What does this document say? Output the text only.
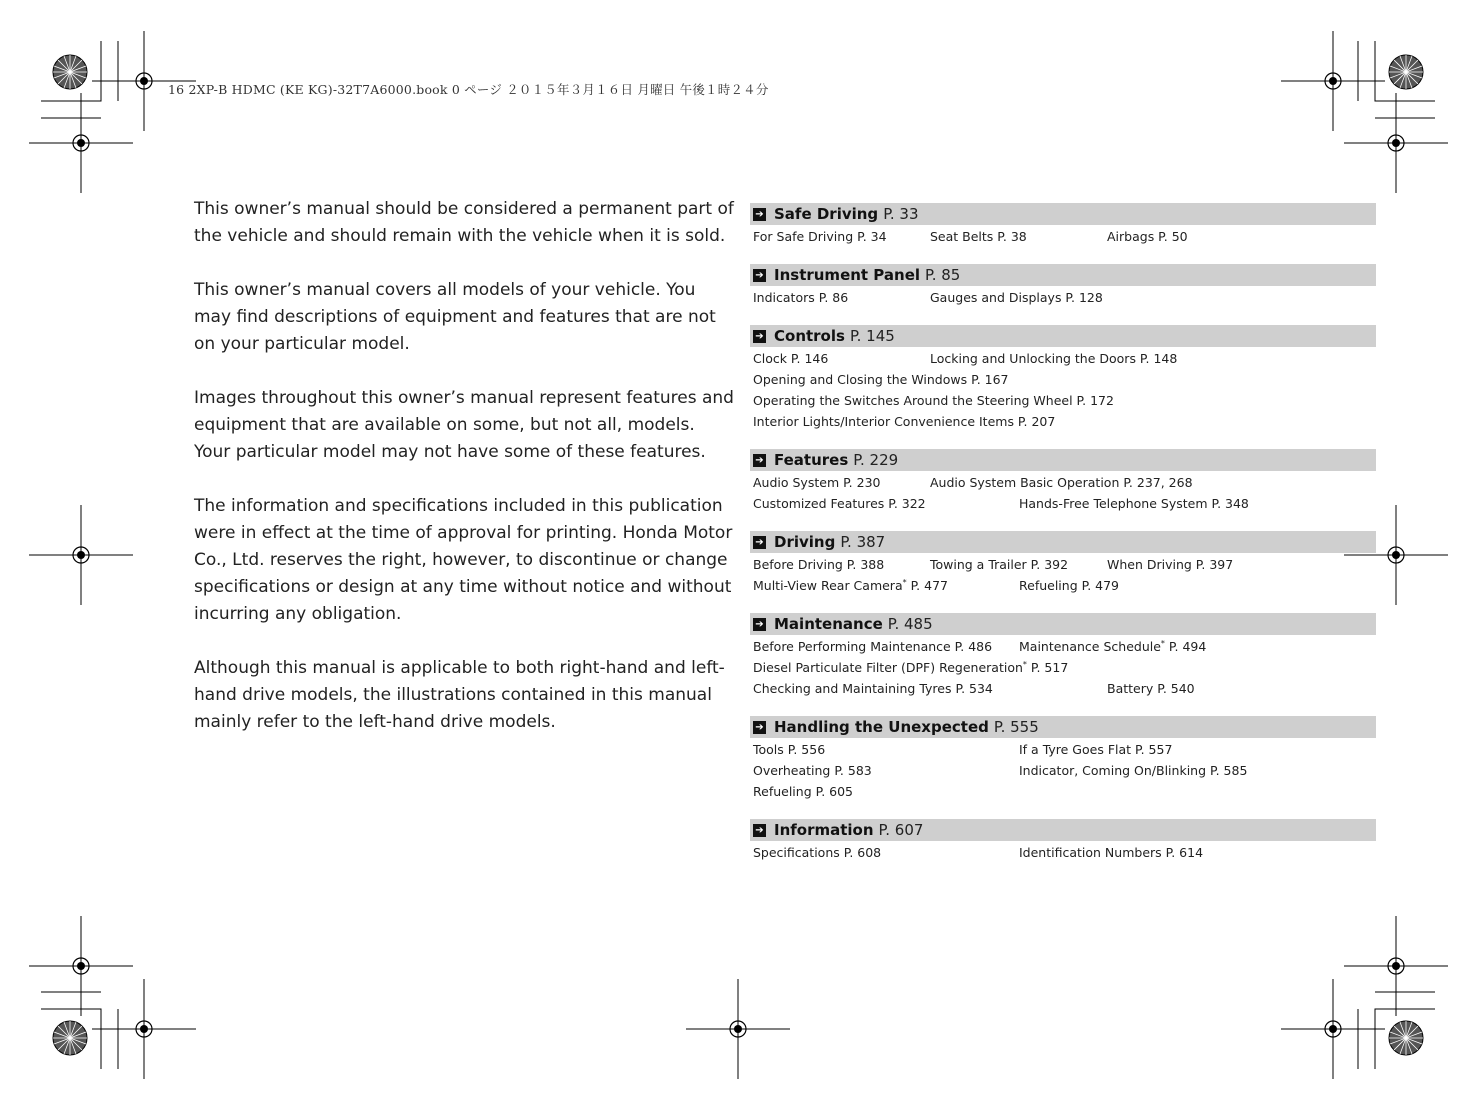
16 2XP-B HDMC (KE KG)-32T7A6000.book 0 ページ ２０１５年３月１６日 月曜日 午後１時２４分

This owner’s manual should be considered a permanent part of the vehicle and should remain with the vehicle when it is sold.

This owner’s manual covers all models of your vehicle. You may find descriptions of equipment and features that are not on your particular model.

Images throughout this owner’s manual represent features and equipment that are available on some, but not all, models. Your particular model may not have some of these features.

The information and specifications included in this publication were in effect at the time of approval for printing. Honda Motor Co., Ltd. reserves the right, however, to discontinue or change specifications or design at any time without notice and without incurring any obligation.

Although this manual is applicable to both right-hand and left-hand drive models, the illustrations contained in this manual mainly refer to the left-hand drive models.

➔ Safe Driving P. 33
For Safe Driving P. 34	Seat Belts P. 38	Airbags P. 50
➔ Instrument Panel P. 85
Indicators P. 86	Gauges and Displays P. 128
➔ Controls P. 145
Clock P. 146	Locking and Unlocking the Doors P. 148
Opening and Closing the Windows P. 167
Operating the Switches Around the Steering Wheel P. 172
Interior Lights/Interior Convenience Items P. 207
➔ Features P. 229
Audio System P. 230	Audio System Basic Operation P. 237, 268
Customized Features P. 322	Hands-Free Telephone System P. 348
➔ Driving P. 387
Before Driving P. 388	Towing a Trailer P. 392	When Driving P. 397
Multi-View Rear Camera* P. 477	Refueling P. 479
➔ Maintenance P. 485
Before Performing Maintenance P. 486 Maintenance Schedule* P. 494
Diesel Particulate Filter (DPF) Regeneration* P. 517
Checking and Maintaining Tyres P. 534	Battery P. 540
➔ Handling the Unexpected P. 555
Tools P. 556	If a Tyre Goes Flat P. 557
Overheating P. 583	Indicator, Coming On/Blinking P. 585
Refueling P. 605
➔ Information P. 607
Specifications P. 608	Identification Numbers P. 614
